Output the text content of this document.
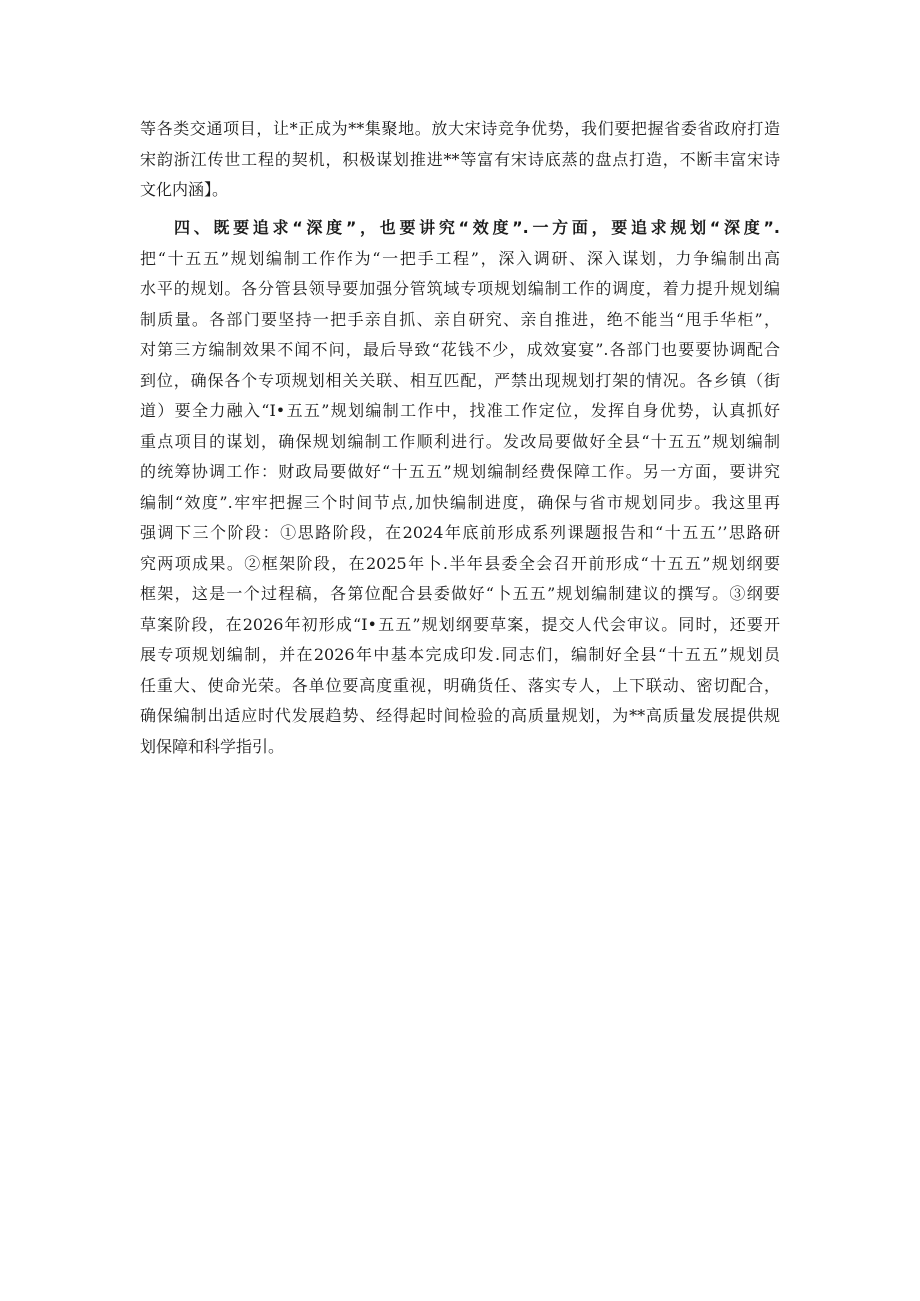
等各类交通项目，让*正成为**集聚地。放大宋诗竞争优势，我们要把握省委省政府打造
宋韵浙江传世工程的契机，积极谋划推进**等富有宋诗底蒸的盘点打造，不断丰富宋诗
文化内涵】。
四、既要追求“深度”，也要讲究“效度”.一方面，要追求规划“深度”.
把“十五五”规划编制工作作为“一把手工程”，深入调研、深入谋划，力争编制出高
水平的规划。各分管县领导要加强分管筑域专项规划编制工作的调度，着力提升规划编
制质量。各部门要坚持一把手亲自抓、亲自研究、亲自推进，绝不能当“甩手华柜”，
对第三方编制效果不闻不问，最后导致“花钱不少，成效宴宴”.各部门也要要协调配合
到位，确保各个专项规划相关关联、相互匹配，严禁出现规划打架的情况。各乡镇（街
道）要全力融入“I•五五”规划编制工作中，找准工作定位，发挥自身优势，认真抓好
重点项目的谋划，确保规划编制工作顺利进行。发改局要做好全县“十五五”规划编制
的统筹协调工作：财政局要做好“十五五”规划编制经费保障工作。另一方面，要讲究
编制“效度”.牢牢把握三个时间节点,加快编制进度，确保与省市规划同步。我这里再
强调下三个阶段：①思路阶段，在2024年底前形成系列课题报告和“十五五’’思路研
究两项成果。②框架阶段，在2025年卜.半年县委全会召开前形成“十五五”规划纲要
框架，这是一个过程稿，各第位配合县委做好“卜五五”规划编制建议的撰写。③纲要
草案阶段，在2026年初形成“I•五五”规划纲要草案，提交人代会审议。同时，还要开
展专项规划编制，并在2026年中基本完成印发.同志们，编制好全县“十五五”规划员
任重大、使命光荣。各单位要高度重视，明确货任、落实专人，上下联动、密切配合，
确保编制出适应时代发展趋势、经得起时间检验的高质量规划，为**高质量发展提供规
划保障和科学指引。
